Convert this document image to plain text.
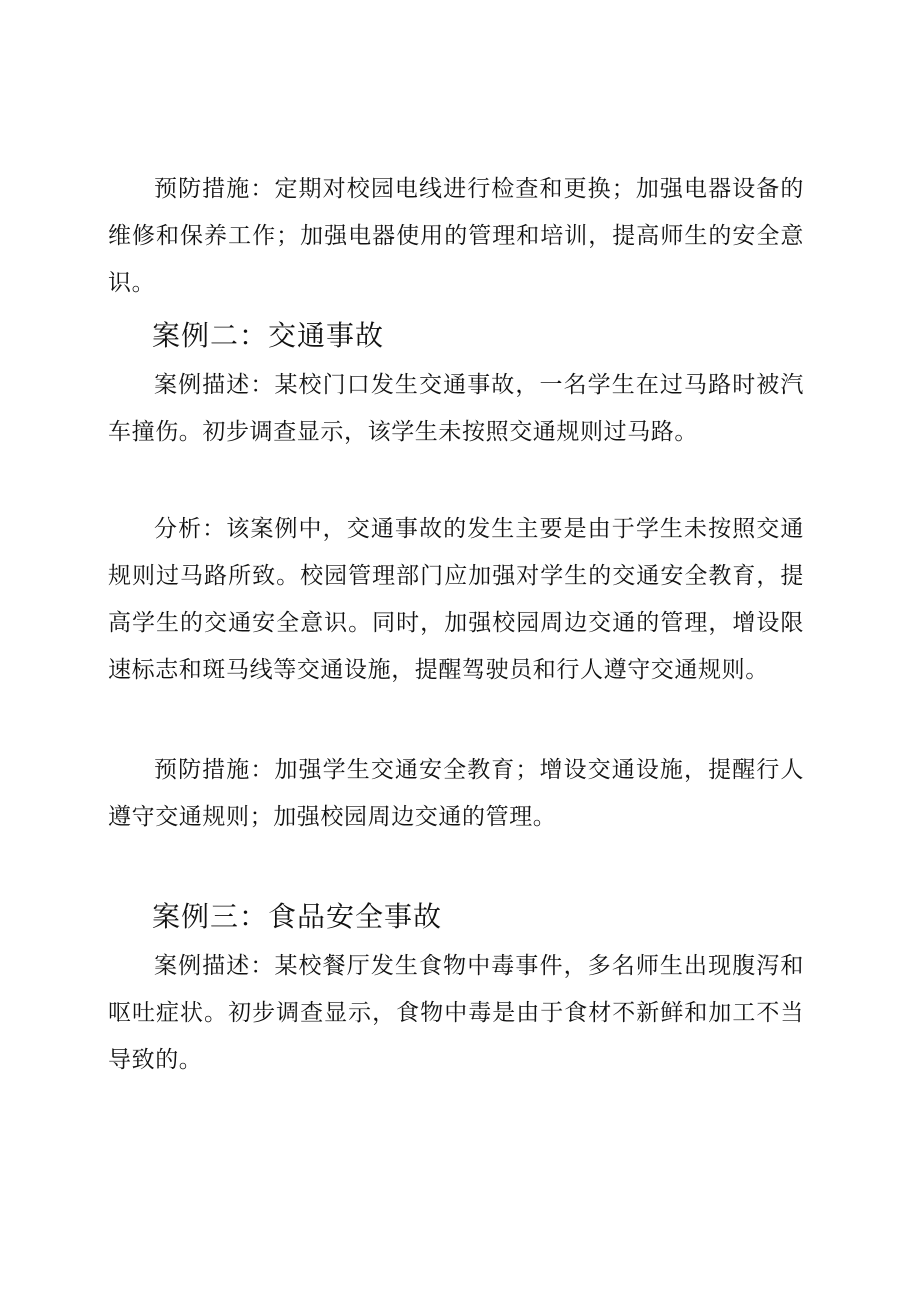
预防措施：定期对校园电线进行检查和更换；加强电器设备的维修和保养工作；加强电器使用的管理和培训，提高师生的安全意识。

案例二：交通事故

案例描述：某校门口发生交通事故，一名学生在过马路时被汽车撞伤。初步调查显示，该学生未按照交通规则过马路。

分析：该案例中，交通事故的发生主要是由于学生未按照交通规则过马路所致。校园管理部门应加强对学生的交通安全教育，提高学生的交通安全意识。同时，加强校园周边交通的管理，增设限速标志和斑马线等交通设施，提醒驾驶员和行人遵守交通规则。

预防措施：加强学生交通安全教育；增设交通设施，提醒行人遵守交通规则；加强校园周边交通的管理。

案例三：食品安全事故

案例描述：某校餐厅发生食物中毒事件，多名师生出现腹泻和呕吐症状。初步调查显示，食物中毒是由于食材不新鲜和加工不当导致的。
